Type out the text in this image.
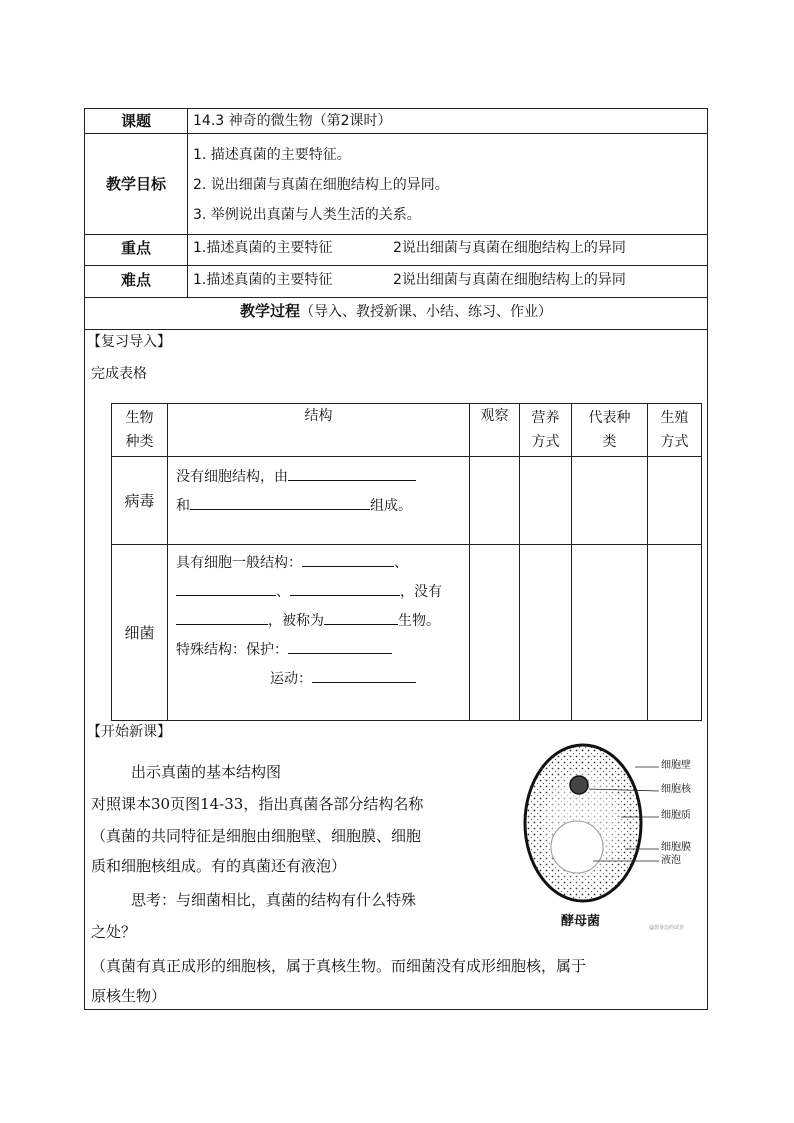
课题	14.3 神奇的微生物（第2课时）
教学目标
1. 描述真菌的主要特征。
2. 说出细菌与真菌在细胞结构上的异同。
3. 举例说出真菌与人类生活的关系。
重点	1.描述真菌的主要特征	2说出细菌与真菌在细胞结构上的异同
难点	1.描述真菌的主要特征	2说出细菌与真菌在细胞结构上的异同
教学过程（导入、教授新课、小结、练习、作业）
【复习导入】
完成表格
生物种类	结构	观察	营养方式	代表种类	生殖方式
病毒	没有细胞结构，由
和 组成。				

细菌	具有细胞一般结构： 、
、 ，没有
，被称为 生物。
特殊结构：保护：
运动：				

【开始新课】
出示真菌的基本结构图
对照课本30页图14-33，指出真菌各部分结构名称
（真菌的共同特征是细胞由细胞壁、细胞膜、细胞
质和细胞核组成。有的真菌还有液泡）
思考：与细菌相比，真菌的结构有什么特殊
之处？
（真菌有真正成形的细胞核，属于真核生物。而细菌没有成形细胞核，属于
原核生物）
细胞壁
细胞核
细胞质
细胞膜
液泡
酵母菌	@您身边的试卷
